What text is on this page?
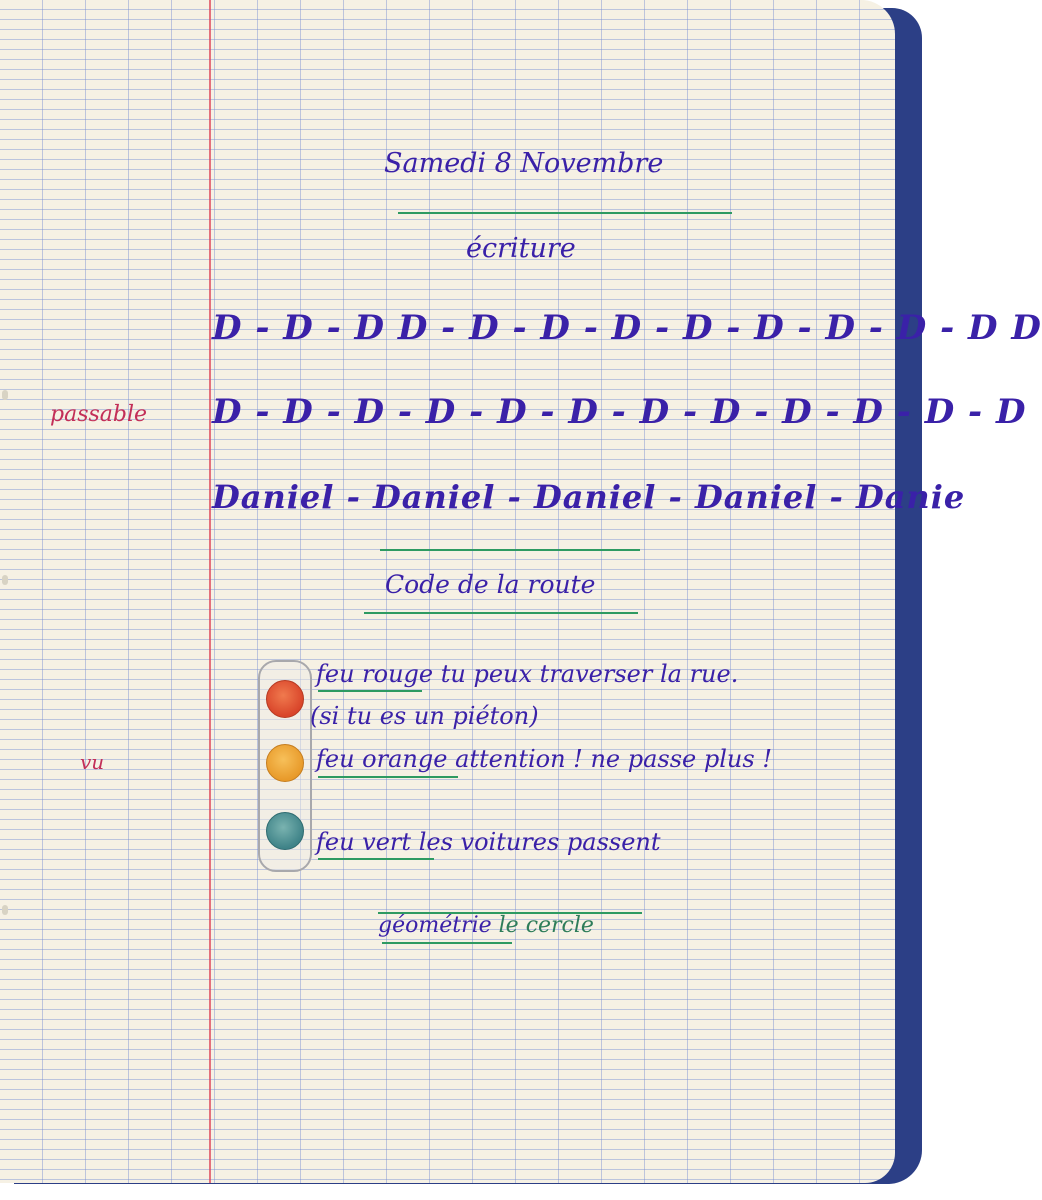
Samedi 8 Novembre
écriture
D - D - D D - D - D - D - D - D - D - D - D D
D - D - D - D - D - D - D - D - D - D - D - D
Daniel - Daniel - Daniel - Daniel - Danie
passable
vu
Code de la route
feu rouge tu peux traverser la rue.
(si tu es un piéton)
feu orange attention ! ne passe plus !
feu vert les voitures passent
géométrie le cercle
